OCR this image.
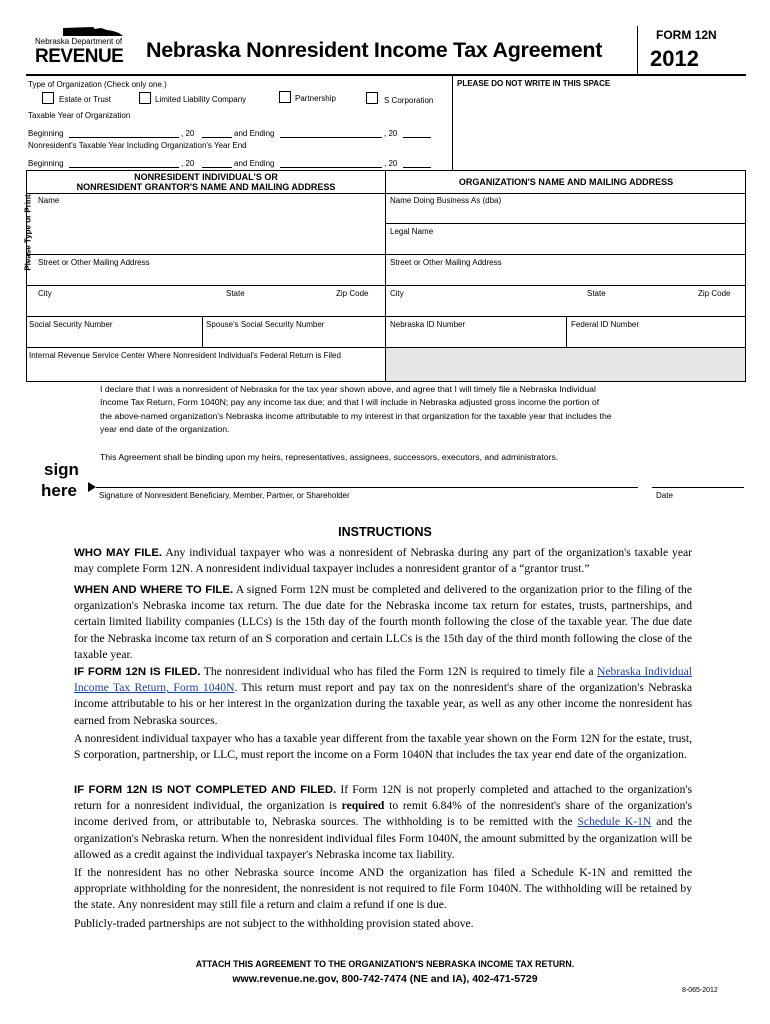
Nebraska Department of
REVENUE Nebraska Nonresident Income Tax Agreement
FORM 12N
2012
PLEASE DO NOT WRITE IN THIS SPACE
Type of Organization (Check only one.)
Estate or Trust	Limited Liability Company	Partnership	S Corporation
Taxable Year of Organization
Beginning	, 20	and Ending	, 20
Nonresident's Taxable Year Including Organization's Year End
Beginning	, 20	and Ending	, 20
Please Type or Print
NONRESIDENT INDIVIDUAL'S OR
NONRESIDENT GRANTOR'S NAME AND MAILING ADDRESS	ORGANIZATION'S NAME AND MAILING ADDRESS
Name	Name Doing Business As (dba)
Legal Name
Street or Other Mailing Address	Street or Other Mailing Address
City	State	Zip Code	City	State	Zip Code
Social Security Number	Spouse's Social Security Number	Nebraska ID Number	Federal ID Number
Internal Revenue Service Center Where Nonresident Individual's Federal Return is Filed
I declare that I was a nonresident of Nebraska for the tax year shown above, and agree that I will timely file a Nebraska Individual
Income Tax Return, Form 1040N; pay any income tax due; and that I will include in Nebraska adjusted gross income the portion of
the above-named organization's Nebraska income attributable to my interest in that organization for the taxable year that includes the
year end date of the organization.
This Agreement shall be binding upon my heirs, representatives, assignees, successors, executors, and administrators.
sign
here	Signature of Nonresident Beneficiary, Member, Partner, or Shareholder	Date
INSTRUCTIONS
WHO MAY FILE. Any individual taxpayer who was a nonresident of Nebraska during any part of the organization's taxable year may complete Form 12N. A nonresident individual taxpayer includes a nonresident grantor of a “grantor trust.”
WHEN AND WHERE TO FILE. A signed Form 12N must be completed and delivered to the organization prior to the filing of the organization's Nebraska income tax return. The due date for the Nebraska income tax return for estates, trusts, partnerships, and certain limited liability companies (LLCs) is the 15th day of the fourth month following the close of the taxable year. The due date for the Nebraska income tax return of an S corporation and certain LLCs is the 15th day of the third month following the close of the taxable year.
IF FORM 12N IS FILED. The nonresident individual who has filed the Form 12N is required to timely file a Nebraska Individual Income Tax Return, Form 1040N. This return must report and pay tax on the nonresident's share of the organization's Nebraska income attributable to his or her interest in the organization during the taxable year, as well as any other income the nonresident has earned from Nebraska sources.
A nonresident individual taxpayer who has a taxable year different from the taxable year shown on the Form 12N for the estate, trust, S corporation, partnership, or LLC, must report the income on a Form 1040N that includes the tax year end date of the organization.
IF FORM 12N IS NOT COMPLETED AND FILED. If Form 12N is not properly completed and attached to the organization's return for a nonresident individual, the organization is required to remit 6.84% of the nonresident's share of the organization's income derived from, or attributable to, Nebraska sources. The withholding is to be remitted with the Schedule K-1N and the organization's Nebraska return. When the nonresident individual files Form 1040N, the amount submitted by the organization will be allowed as a credit against the individual taxpayer's Nebraska income tax liability.
If the nonresident has no other Nebraska source income AND the organization has filed a Schedule K-1N and remitted the appropriate withholding for the nonresident, the nonresident is not required to file Form 1040N. The withholding will be retained by the state. Any nonresident may still file a return and claim a refund if one is due.
Publicly-traded partnerships are not subject to the withholding provision stated above.
ATTACH THIS AGREEMENT TO THE ORGANIZATION'S NEBRASKA INCOME TAX RETURN.
www.revenue.ne.gov, 800-742-7474 (NE and IA), 402-471-5729
8-065-2012
